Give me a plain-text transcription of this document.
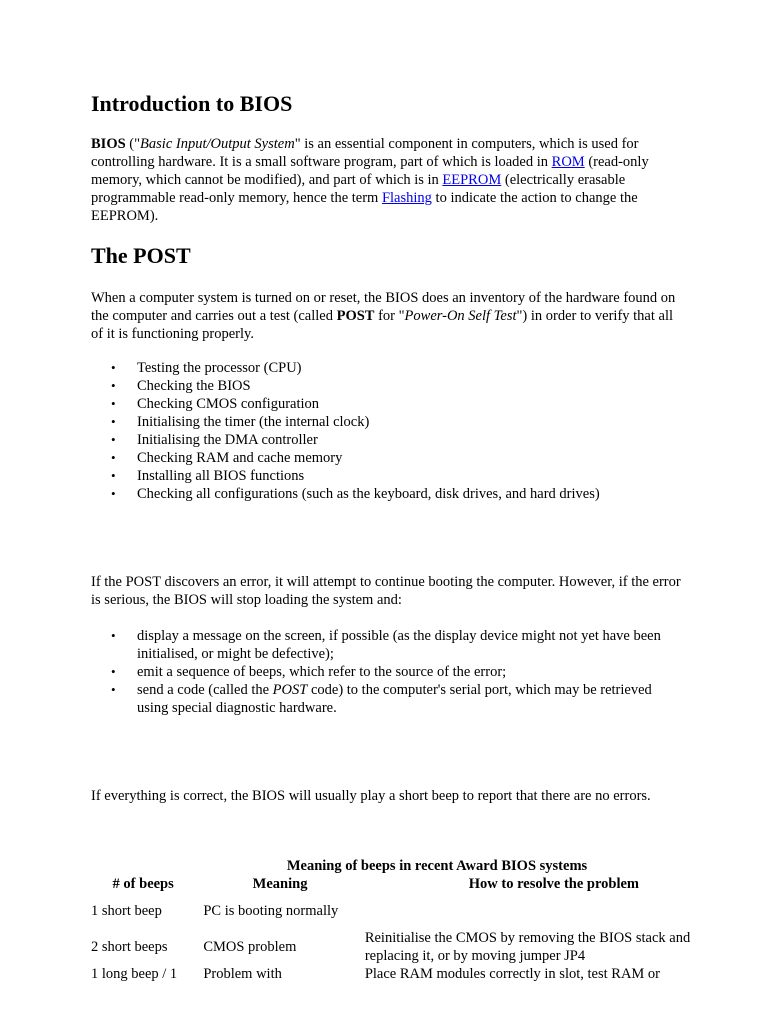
Introduction to BIOS

BIOS ("Basic Input/Output System" is an essential component in computers, which is used for controlling hardware. It is a small software program, part of which is loaded in ROM (read-only memory, which cannot be modified), and part of which is in EEPROM (electrically erasable programmable read-only memory, hence the term Flashing to indicate the action to change the EEPROM).

The POST

When a computer system is turned on or reset, the BIOS does an inventory of the hardware found on the computer and carries out a test (called POST for "Power-On Self Test") in order to verify that all of it is functioning properly.

• Testing the processor (CPU)
• Checking the BIOS
• Checking CMOS configuration
• Initialising the timer (the internal clock)
• Initialising the DMA controller
• Checking RAM and cache memory
• Installing all BIOS functions
• Checking all configurations (such as the keyboard, disk drives, and hard drives)

If the POST discovers an error, it will attempt to continue booting the computer. However, if the error is serious, the BIOS will stop loading the system and:

• display a message on the screen, if possible (as the display device might not yet have been initialised, or might be defective);
• emit a sequence of beeps, which refer to the source of the error;
• send a code (called the POST code) to the computer's serial port, which may be retrieved using special diagnostic hardware.

If everything is correct, the BIOS will usually play a short beep to report that there are no errors.

Meaning of beeps in recent Award BIOS systems
# of beeps	Meaning	How to resolve the problem
1 short beep	PC is booting normally	
2 short beeps	CMOS problem	Reinitialise the CMOS by removing the BIOS stack and replacing it, or by moving jumper JP4
1 long beep / 1	Problem with	Place RAM modules correctly in slot, test RAM or
